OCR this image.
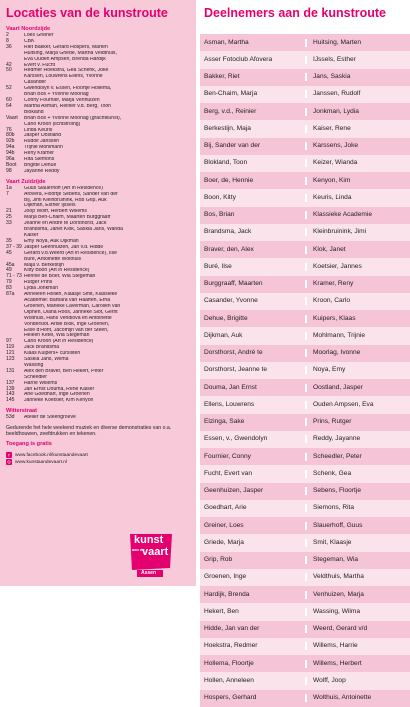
Locaties van de kunstroute
Vaart Noordzijde
2	Loes Greiner
8	CBK
36	Riet Bakker, Gerard Hospers, Marten
Huitsing, Marja Griede, Martha Veldthuis,
Eva Ouden Ampsen, Brenda Hardijk
42	Evert v. Fucht
50	Redmer Hoekstra, Gea Schenk, Joke
Karssen, Louwrens Ellens, Yvonne
Casander
52	Gwendolyn v. Essen, Floortje Hollema,
Brian Bos + Yvonne Moorlag
60	Conny Fournier, Marja Venhuizen
64	Martha Asman, Reinier v.d. Berg, Toon
Blokland
Vaart	Brian Bos + Yvonne Moorlag (grachtkunst),
Carlo Kroon (lichtstroing)
76	Linda Keuris
80b	Jasper Oostland
92b	Rudolf Janssen
94a	Trijnie Mohlmann
94b	Reny Kramer
96a	Rita Siemons
Boot	Brigitte Dehue
98	Jayanne Reddy
Vaart Zuidzijde
1a	Guus Slauerhoff (Art in Residence)
7	Afovera, Floortje Sebens, Sander van der
Bij, Jimi Kleinbruinink, Rob Grip, Auk
Dijkman, Esther Ijssels
21	Joop Wolff, Herbert Willems
25	Marja Ben-Chaim, Maarten Burggraaff
33	Jeanne en André te Dorsthorst, Jack
Brandsma, Janet Klok, Saskia Jans, Wanda
Kaiser
35	Emy Noya, Auk Dijkman
37 - 39 Jasper Geenhuizen, Jan v.d. Hidde
45	Gerard v.d.Weerd (Art in Residence), Ilse
Buré, Antoinette Wolthuis
45a	Maja v. Berkestijn
49	Kitty Boon (Art in Residence)
71 - 73 Hennie de Boer, Wia Stegeman
79	Rutger Prins
83	Lydia Jonkman
87a	Anneleen Hollen, Klaasje Smit, Klassieke
Academie: Barbara van Haaften, Erna
Groenen, Marieke Laverman, Carolien van
Olphen, Diana Roos, Janneke Slot, Gerrit
Wolthuis, Hans Vendlova en Antoinette
Vonderslot. Ardie Blok, Inge Groenen,
Elise d'Hont, Jacomijn van der Steen,
Heleen Ketel, Wia Stegeman
97	Carlo Kroon (Art in Residence)
119	Jack Brandsma
121	Klaas Kuipers+ cursisten
123	Saskia Jans, Wilma
Wassing
131	Alex den Braver, Ben Hekert, Peter
Scheedler
137	Harrie Willems
139	Jan Ernst Douma, Rene Kaiser
143	Arie Goedhart, Inge Groenen
145	Janneke Koetsier, Kim Kenyon
Witterstraat
53d	Atelier de Steengroeve
Gedurende het hele weekend muziek en diverse demonstraties van o.a. beeldhouwen, zeefdrukken en tekenen.
Toegang is gratis
f www.facebook.nl/kunstaandevaart
www.kunstaandevaart.nl
kunst
aan de
vaart
Assen
Deelnemers aan de kunstroute
Asman, Martha	Huitsing, Marten
Asser Fotoclub Afovera	IJssels, Esther
Bakker, Riet	Jans, Saskia
Ben-Chaim, Marja	Janssen, Rudolf
Berg, v.d., Reinier	Jonkman, Lydia
Berkestijn, Maja	Kaiser, Rene
Bij, Sander van der	Karssens, Joke
Blokland, Toon	Keizer, Wianda
Boer, de, Hennie	Kenyon, Kim
Boon, Kitty	Keuris, Linda
Bos, Brian	Klassieke Academie
Brandsma, Jack	Kleinbruinink, Jimi
Braver, den, Alex	Klok, Janet
Buré, Ilse	Koetsier, Jannes
Burggraaff, Maarten	Kramer, Reny
Casander, Yvonne	Kroon, Carlo
Dehue, Brigitte	Kuipers, Klaas
Dijkman, Auk	Mohlmann, Trijnie
Dorsthorst, André te	Moorlag, Ivonne
Dorsthorst, Jeanne te	Noya, Emy
Douma, Jan Ernst	Oostland, Jasper
Ellens, Louwrens	Ouden Ampsen, Eva
Elzinga, Sake	Prins, Rutger
Essen, v., Gwendolyn	Reddy, Jayanne
Fournier, Conny	Scheedler, Peter
Fucht, Evert van	Schenk, Gea
Geenhuizen, Jasper	Sebens, Floortje
Goedhart, Arie	Siemons, Rita
Greiner, Loes	Slauerhoff, Guus
Griede, Marja	Smit, Klaasje
Grip, Rob	Stegeman, Wia
Groenen, Inge	Veldthuis, Martha
Hardijk, Brenda	Venhuizen, Marja
Hekert, Ben	Wassing, Wilma
Hidde, Jan van der	Weerd, Gerard v/d
Hoekstra, Redmer	Willems, Harrie
Hollema, Floortje	Willems, Herbert
Hollen, Anneleen	Wolff, Joop
Hospers, Gerhard	Wolthuis, Antoinette
